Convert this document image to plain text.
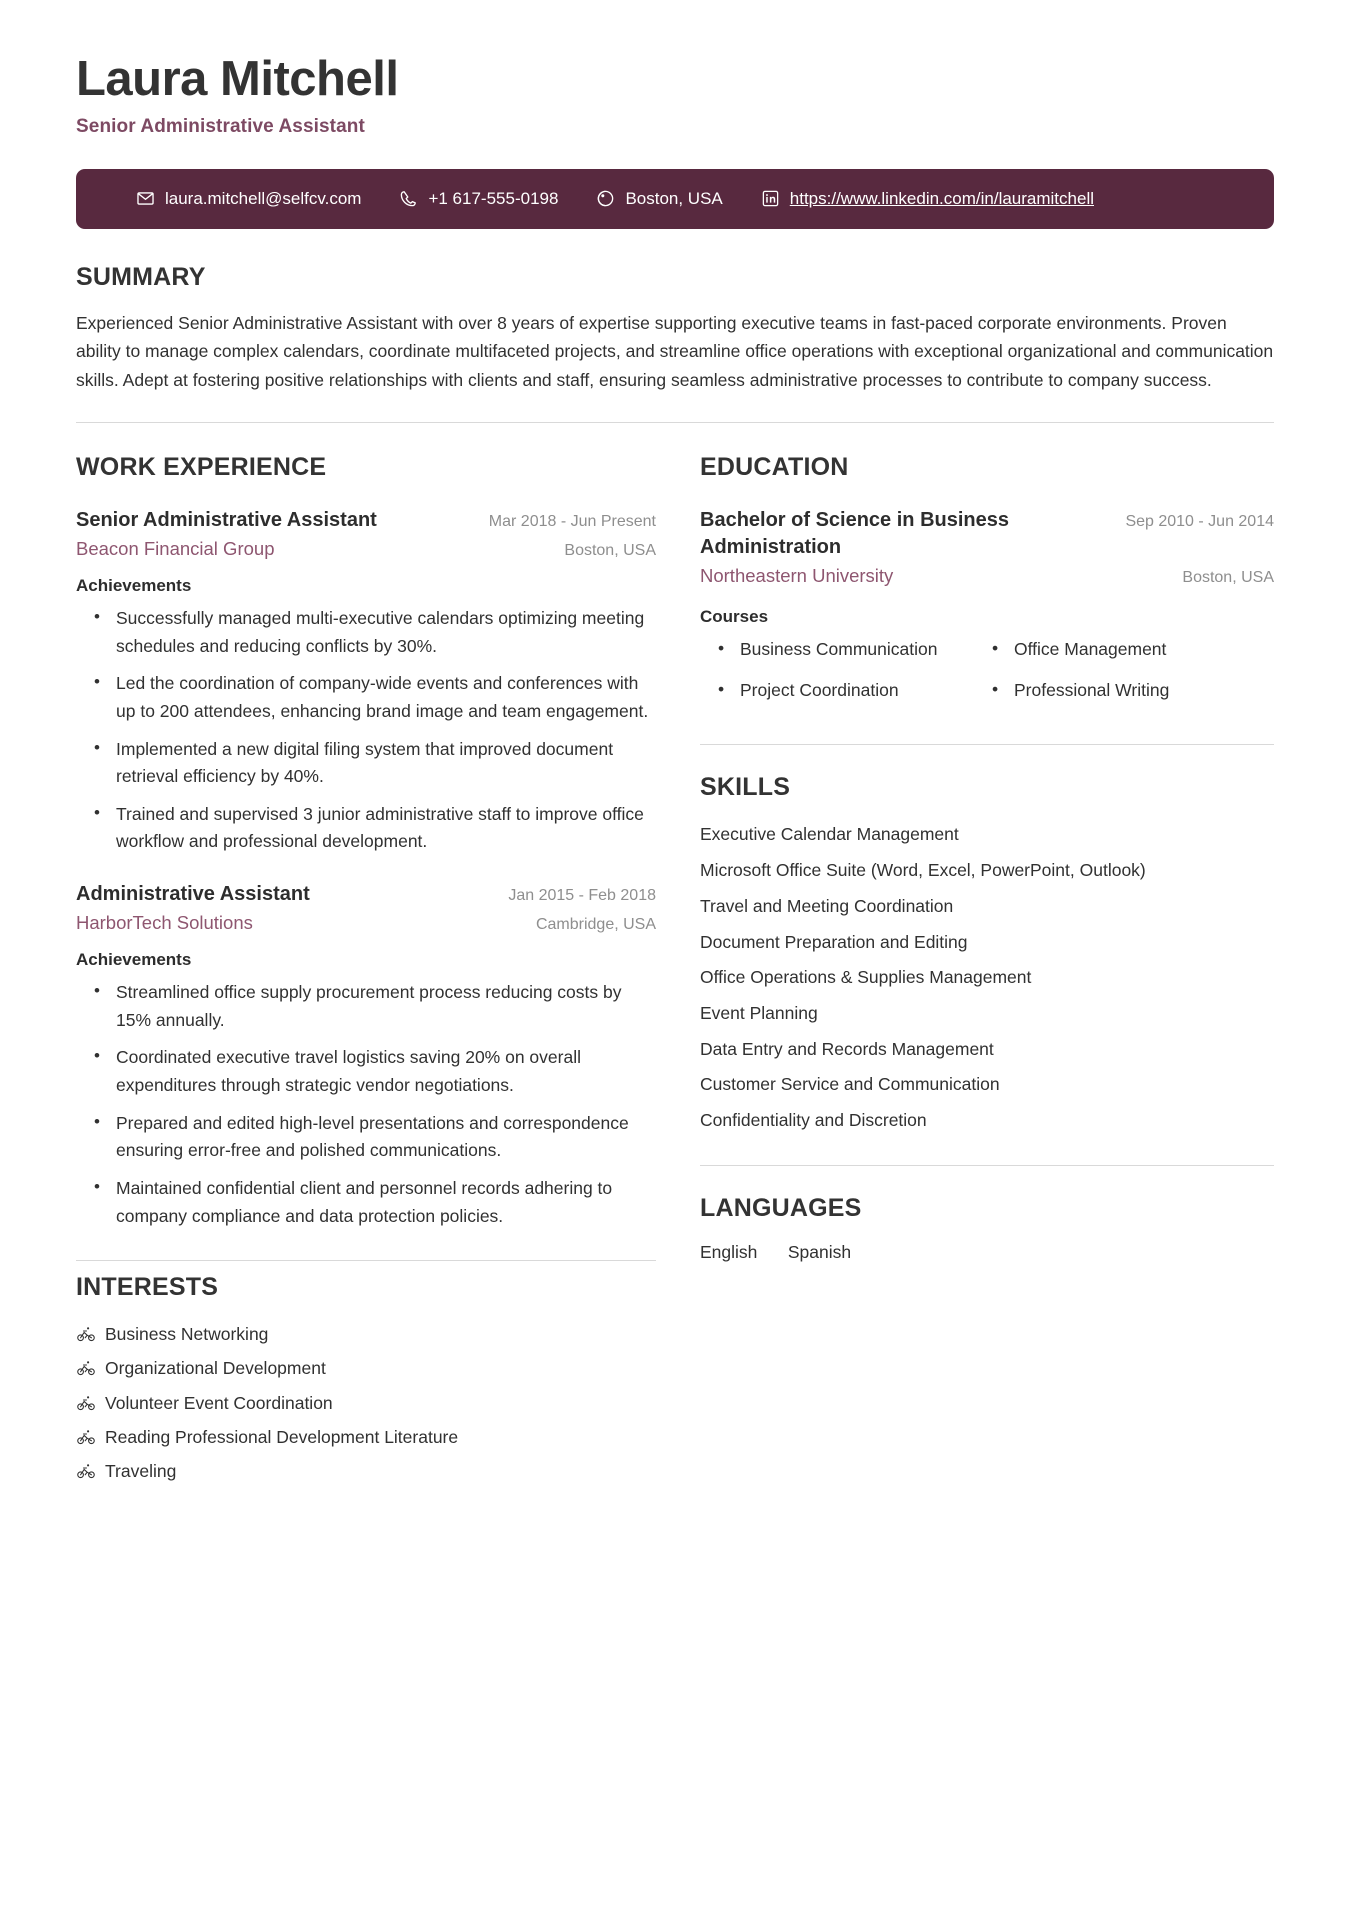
Laura Mitchell
Senior Administrative Assistant
laura.mitchell@selfcv.com	+1 617-555-0198	Boston, USA	https://www.linkedin.com/in/lauramitchell
SUMMARY
Experienced Senior Administrative Assistant with over 8 years of expertise supporting executive teams in fast-paced corporate environments. Proven ability to manage complex calendars, coordinate multifaceted projects, and streamline office operations with exceptional organizational and communication skills. Adept at fostering positive relationships with clients and staff, ensuring seamless administrative processes to contribute to company success.
WORK EXPERIENCE
Senior Administrative Assistant	Mar 2018 - Jun Present
Beacon Financial Group	Boston, USA
Achievements
• Successfully managed multi-executive calendars optimizing meeting schedules and reducing conflicts by 30%.
• Led the coordination of company-wide events and conferences with up to 200 attendees, enhancing brand image and team engagement.
• Implemented a new digital filing system that improved document retrieval efficiency by 40%.
• Trained and supervised 3 junior administrative staff to improve office workflow and professional development.
Administrative Assistant	Jan 2015 - Feb 2018
HarborTech Solutions	Cambridge, USA
Achievements
• Streamlined office supply procurement process reducing costs by 15% annually.
• Coordinated executive travel logistics saving 20% on overall expenditures through strategic vendor negotiations.
• Prepared and edited high-level presentations and correspondence ensuring error-free and polished communications.
• Maintained confidential client and personnel records adhering to company compliance and data protection policies.
INTERESTS
Business Networking

Organizational Development

Volunteer Event Coordination

Reading Professional Development Literature

Traveling
EDUCATION
Bachelor of Science in Business Administration
Sep 2010 - Jun 2014
Northeastern University	Boston, USA
Courses
• Business Communication	• Office Management
• Project Coordination	• Professional Writing
SKILLS
Executive Calendar Management Microsoft Office Suite (Word, Excel, PowerPoint, Outlook) Travel and Meeting Coordination Document Preparation and Editing Office Operations & Supplies Management Event Planning Data Entry and Records Management Customer Service and Communication Confidentiality and Discretion
LANGUAGES
English Spanish
